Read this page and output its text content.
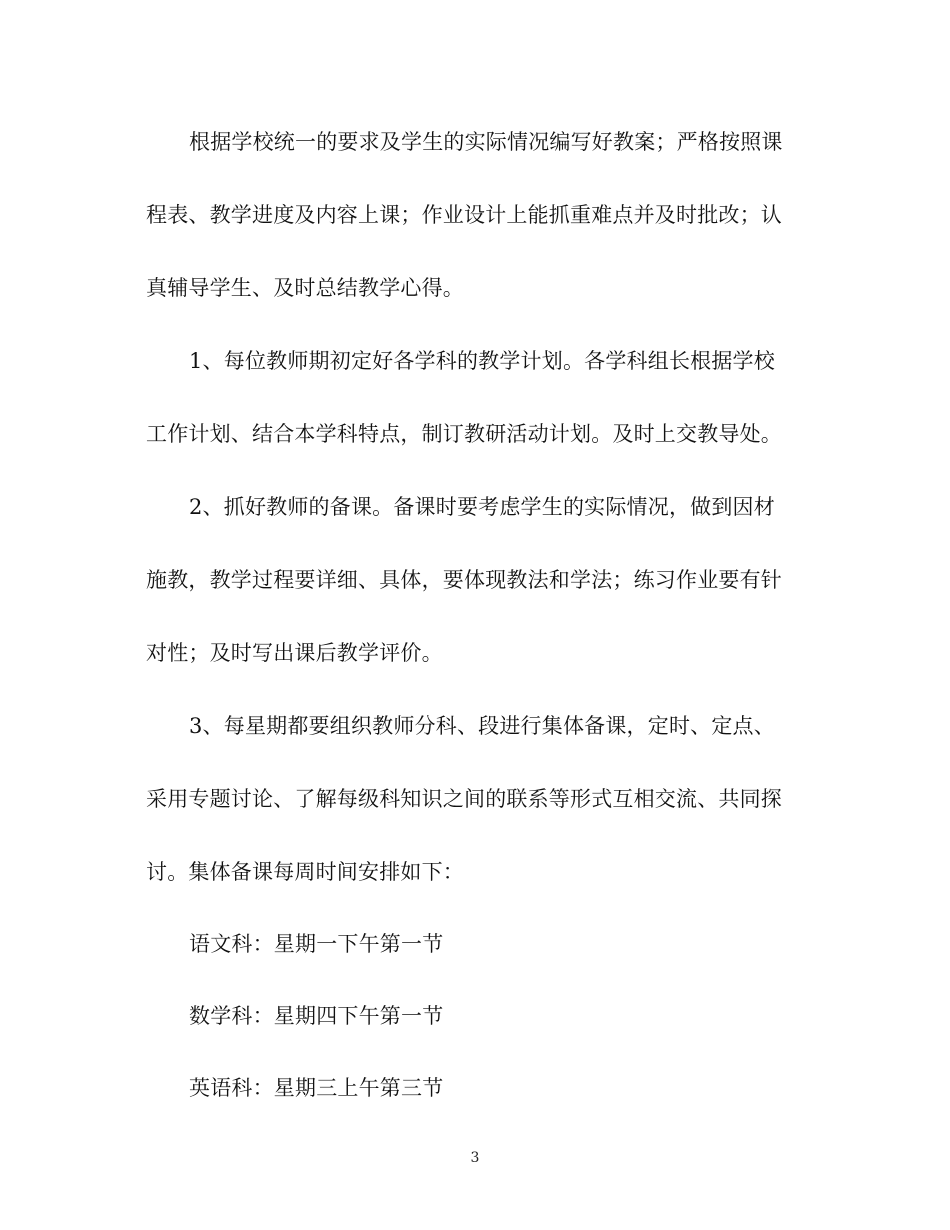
根据学校统一的要求及学生的实际情况编写好教案；严格按照课
程表、教学进度及内容上课；作业设计上能抓重难点并及时批改；认
真辅导学生、及时总结教学心得。
1、每位教师期初定好各学科的教学计划。各学科组长根据学校
工作计划、结合本学科特点，制订教研活动计划。及时上交教导处。
2、抓好教师的备课。备课时要考虑学生的实际情况，做到因材
施教，教学过程要详细、具体，要体现教法和学法；练习作业要有针
对性；及时写出课后教学评价。
3、每星期都要组织教师分科、段进行集体备课，定时、定点、
采用专题讨论、了解每级科知识之间的联系等形式互相交流、共同探
讨。集体备课每周时间安排如下：
语文科：星期一下午第一节
数学科：星期四下午第一节
英语科：星期三上午第三节
3
